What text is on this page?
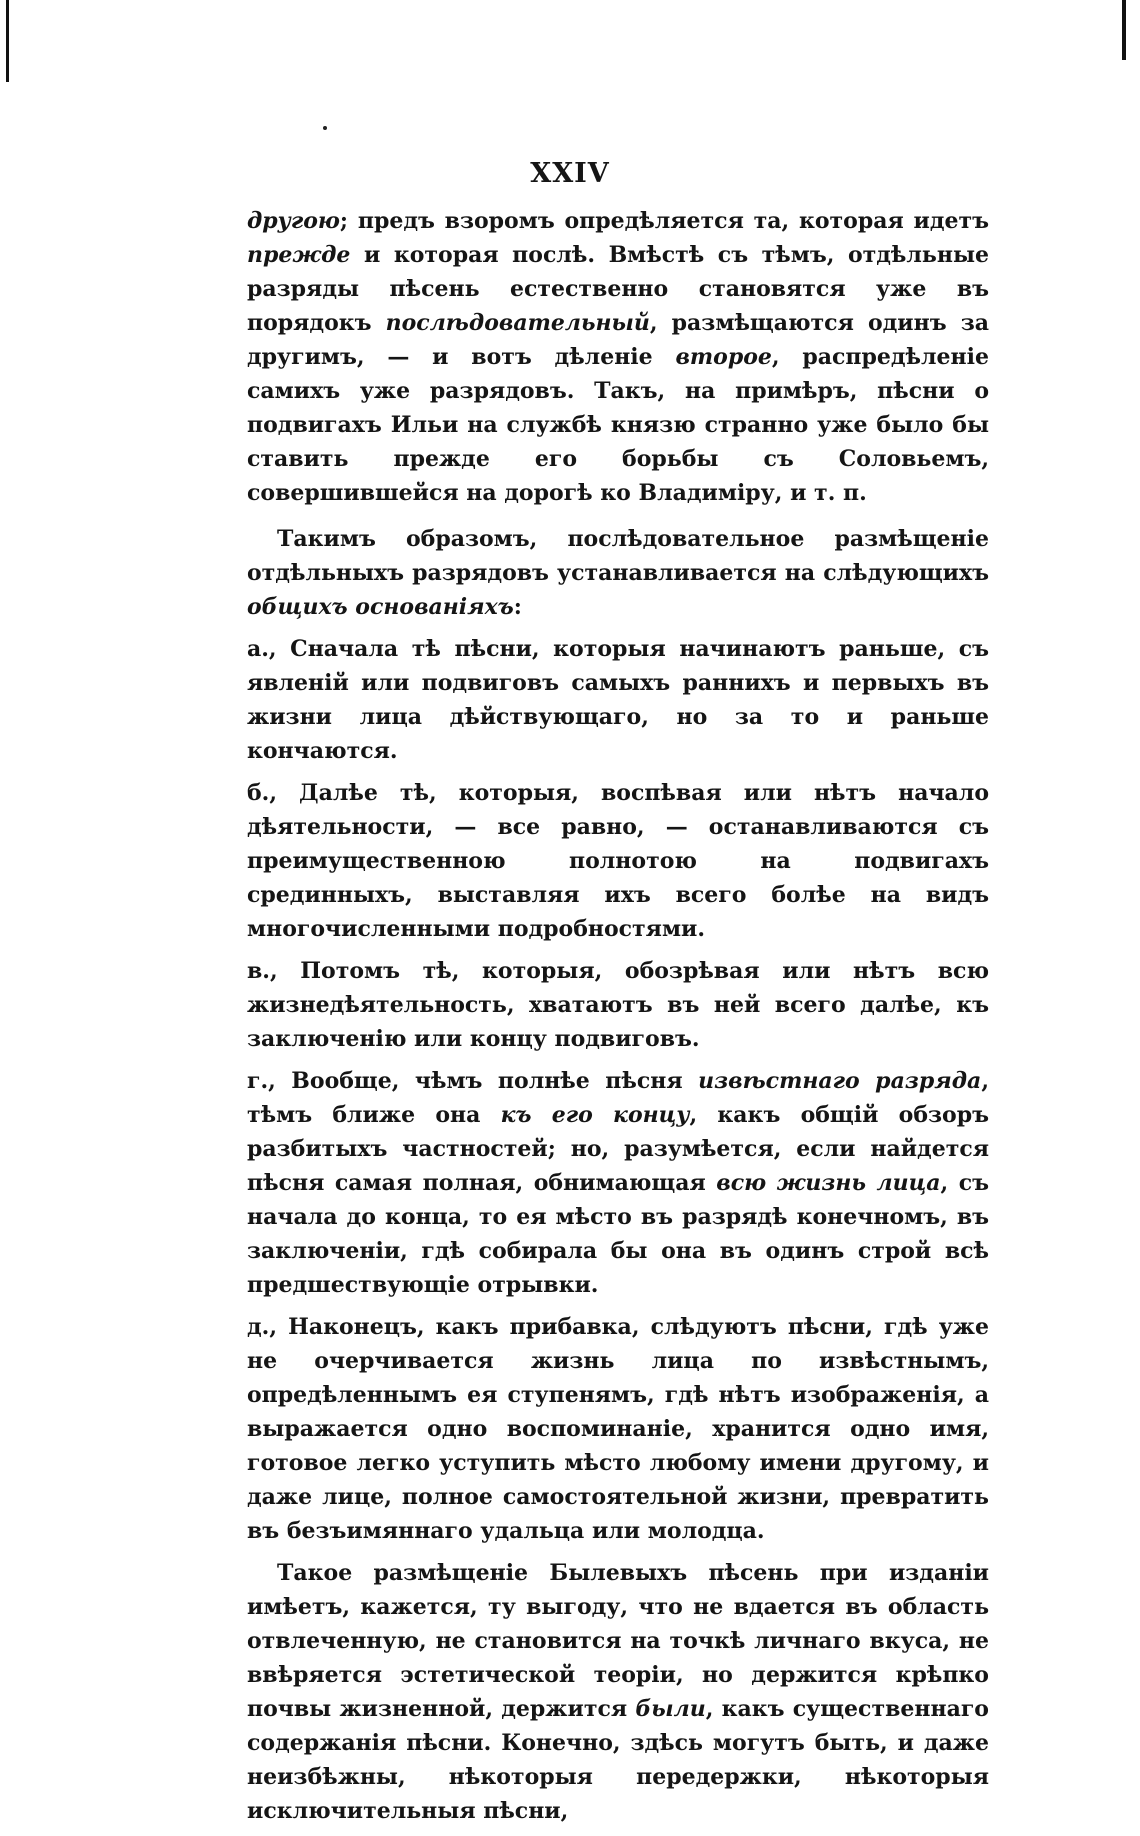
XXIV

другою; предъ взоромъ опредѣляется та, которая идетъ прежде и которая послѣ. Вмѣстѣ съ тѣмъ, отдѣльные разряды пѣсень естественно становятся уже въ порядокъ послѣдовательный, размѣщаются одинъ за другимъ, — и вотъ дѣленіе второе, распредѣленіе самихъ уже разрядовъ. Такъ, на примѣръ, пѣсни о подвигахъ Ильи на службѣ князю странно уже было бы ставить прежде его борьбы съ Соловьемъ, совершившейся на дорогѣ ко Владиміру, и т. п.

Такимъ образомъ, послѣдовательное размѣщеніе отдѣльныхъ разрядовъ устанавливается на слѣдующихъ общихъ основаніяхъ:

а., Сначала тѣ пѣсни, которыя начинаютъ раньше, съ явленій или подвиговъ самыхъ раннихъ и первыхъ въ жизни лица дѣйствующаго, но за то и раньше кончаются.

б., Далѣе тѣ, которыя, воспѣвая или нѣтъ начало дѣятельности, — все равно, — останавливаются съ преимущественною полнотою на подвигахъ срединныхъ, выставляя ихъ всего болѣе на видъ многочисленными подробностями.

в., Потомъ тѣ, которыя, обозрѣвая или нѣтъ всю жизнедѣятельность, хватаютъ въ ней всего далѣе, къ заключенію или концу подвиговъ.

г., Вообще, чѣмъ полнѣе пѣсня извѣстнаго разряда, тѣмъ ближе она къ его концу, какъ общій обзоръ разбитыхъ частностей; но, разумѣется, если найдется пѣсня самая полная, обнимающая всю жизнь лица, съ начала до конца, то ея мѣсто въ разрядѣ конечномъ, въ заключеніи, гдѣ собирала бы она въ одинъ строй всѣ предшествующіе отрывки.

д., Наконецъ, какъ прибавка, слѣдуютъ пѣсни, гдѣ уже не очерчивается жизнь лица по извѣстнымъ, опредѣленнымъ ея ступенямъ, гдѣ нѣтъ изображенія, а выражается одно воспоминаніе, хранится одно имя, готовое легко уступить мѣсто любому имени другому, и даже лице, полное самостоятельной жизни, превратить въ безъимяннаго удальца или молодца.

Такое размѣщеніе Былевыхъ пѣсень при изданіи имѣетъ, кажется, ту выгоду, что не вдается въ область отвлеченную, не становится на точкѣ личнаго вкуса, не ввѣряется эстетической теоріи, но держится крѣпко почвы жизненной, держится были, какъ существеннаго содержанія пѣсни. Конечно, здѣсь могутъ быть, и даже неизбѣжны, нѣкоторыя передержки, нѣкоторыя исключительныя пѣсни,
